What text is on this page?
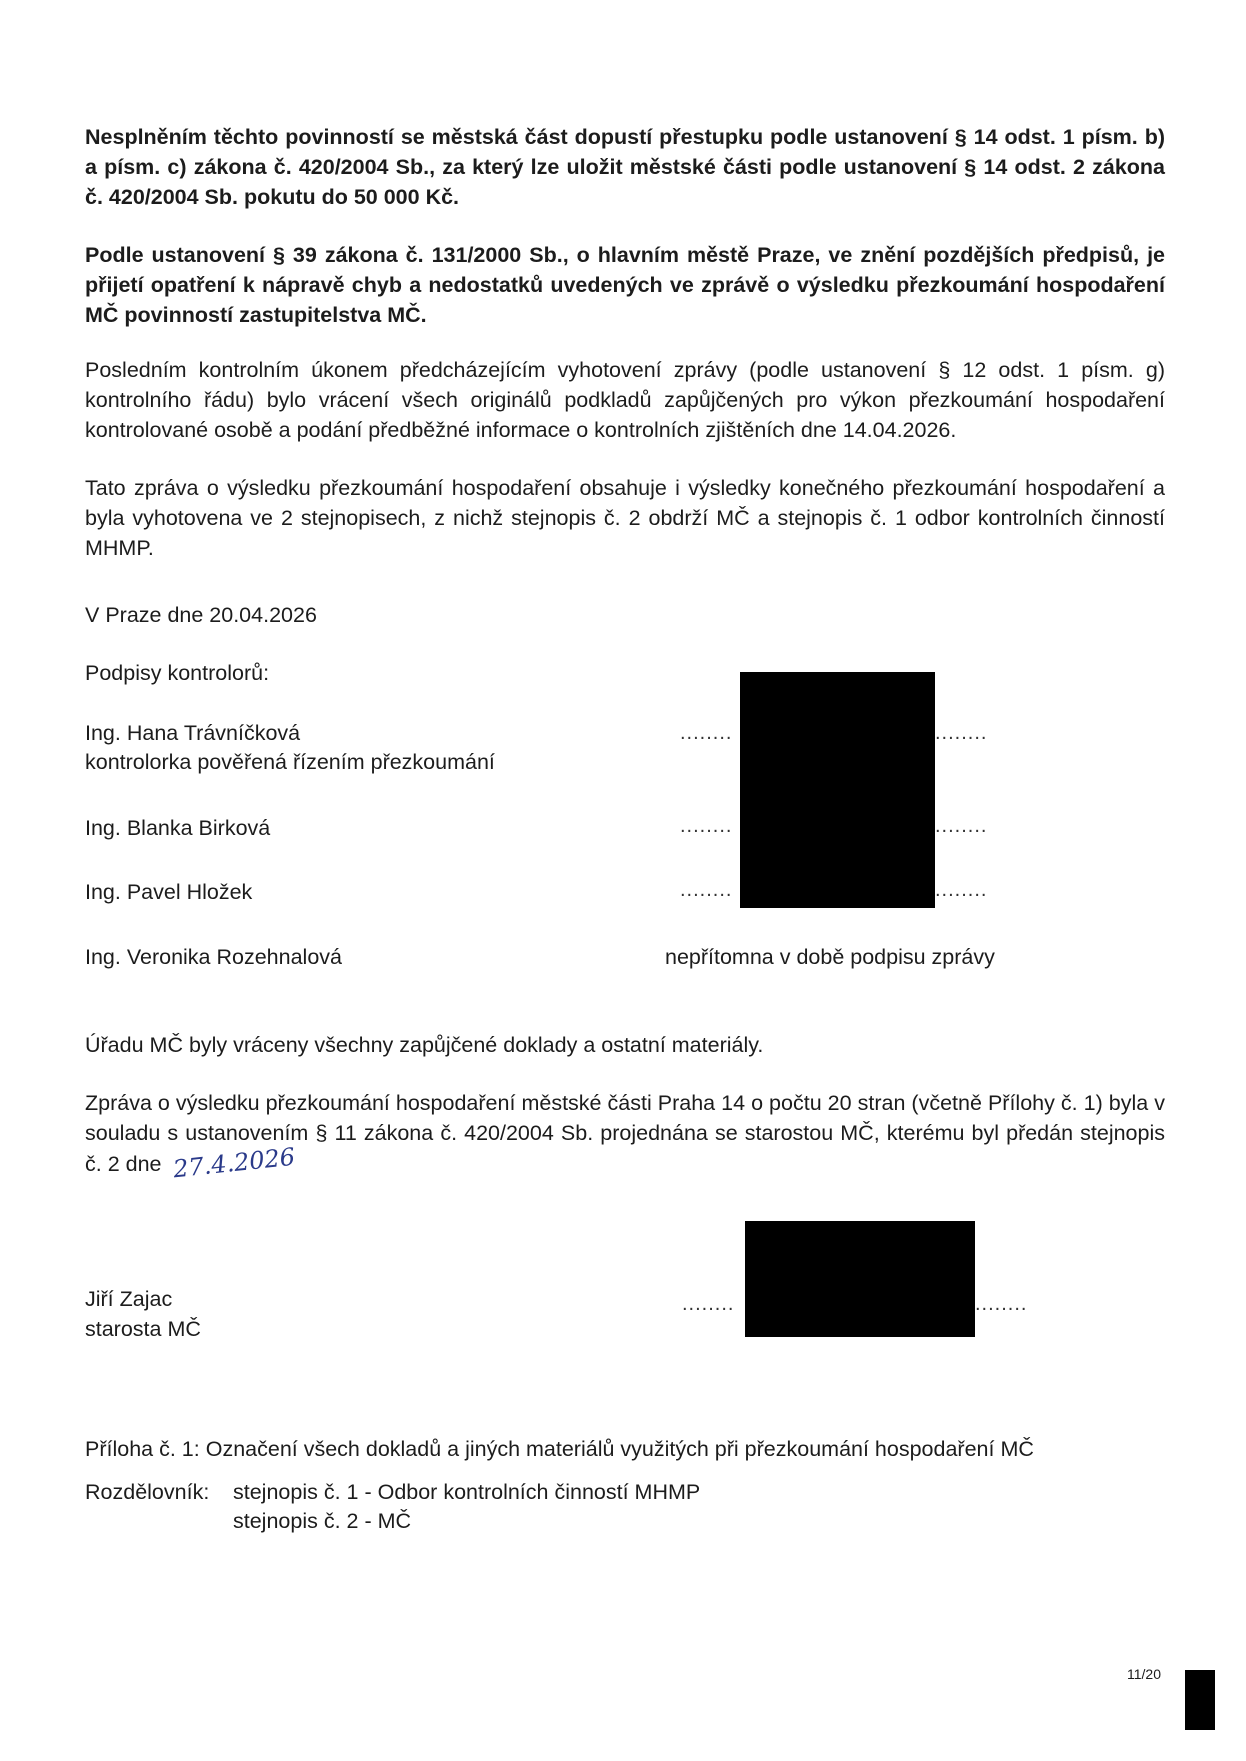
Nesplněním těchto povinností se městská část dopustí přestupku podle ustanovení § 14 odst. 1 písm. b) a písm. c) zákona č. 420/2004 Sb., za který lze uložit městské části podle ustanovení § 14 odst. 2 zákona č. 420/2004 Sb. pokutu do 50 000 Kč.
Podle ustanovení § 39 zákona č. 131/2000 Sb., o hlavním městě Praze, ve znění pozdějších předpisů, je přijetí opatření k nápravě chyb a nedostatků uvedených ve zprávě o výsledku přezkoumání hospodaření MČ povinností zastupitelstva MČ.
Posledním kontrolním úkonem předcházejícím vyhotovení zprávy (podle ustanovení § 12 odst. 1 písm. g) kontrolního řádu) bylo vrácení všech originálů podkladů zapůjčených pro výkon přezkoumání hospodaření kontrolované osobě a podání předběžné informace o kontrolních zjištěních dne 14.04.2026.
Tato zpráva o výsledku přezkoumání hospodaření obsahuje i výsledky konečného přezkoumání hospodaření a byla vyhotovena ve 2 stejnopisech, z nichž stejnopis č. 2 obdrží MČ a stejnopis č. 1 odbor kontrolních činností MHMP.
V Praze dne 20.04.2026
Podpisy kontrolorů:
Ing. Hana Trávníčková
kontrolorka pověřená řízením přezkoumání
........	........
Ing. Blanka Birková	........	........
Ing. Pavel Hložek	........	........
Ing. Veronika Rozehnalová	nepřítomna v době podpisu zprávy
Úřadu MČ byly vráceny všechny zapůjčené doklady a ostatní materiály.
Zpráva o výsledku přezkoumání hospodaření městské části Praha 14 o počtu 20 stran (včetně Přílohy č. 1) byla v souladu s ustanovením § 11 zákona č. 420/2004 Sb. projednána se starostou MČ, kterému byl předán stejnopis č. 2 dne 27.4.2026
Jiří Zajac
starosta MČ
........	........
Příloha č. 1: Označení všech dokladů a jiných materiálů využitých při přezkoumání hospodaření MČ
Rozdělovník: stejnopis č. 1 - Odbor kontrolních činností MHMP
stejnopis č. 2 - MČ
11/20
